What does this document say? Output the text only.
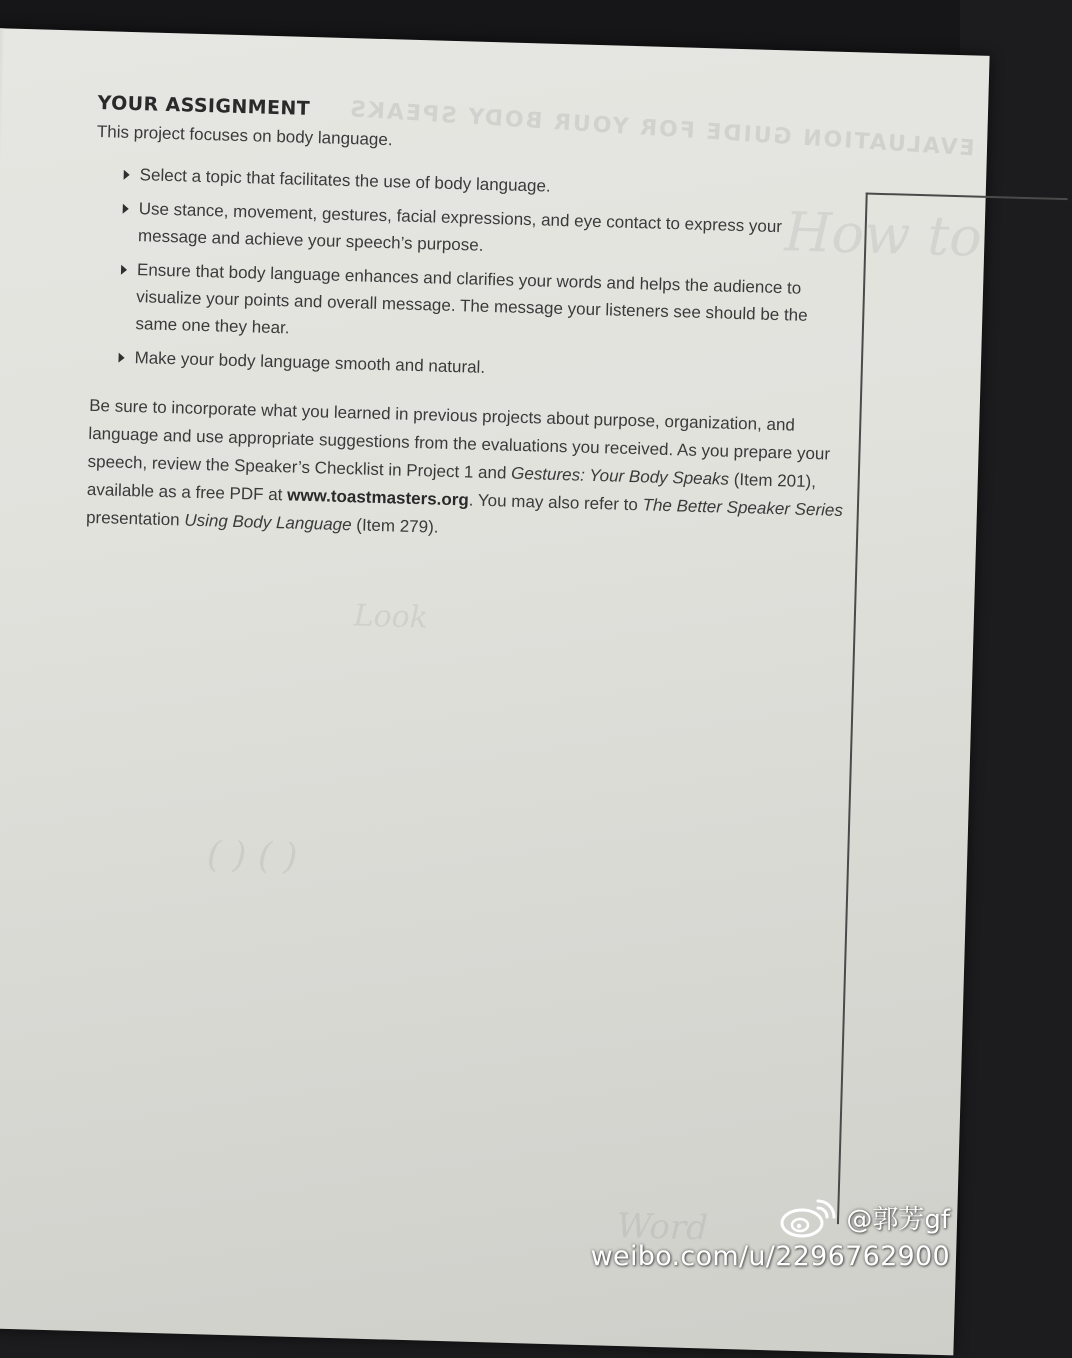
EVALUATION GUIDE FOR YOUR BODY SPEAKS
How to
Look
( ) ( )
Word
YOUR ASSIGNMENT
This project focuses on body language.
Select a topic that facilitates the use of body language.
Use stance, movement, gestures, facial expressions, and eye contact to express your message and achieve your speech’s purpose.
Ensure that body language enhances and clarifies your words and helps the audience to visualize your points and overall message. The message your listeners see should be the same one they hear.
Make your body language smooth and natural.

Be sure to incorporate what you learned in previous projects about purpose, organization, and language and use appropriate suggestions from the evaluations you received. As you prepare your speech, review the Speaker’s Checklist in Project 1 and Gestures: Your Body Speaks (Item 201), available as a free PDF at www.toastmasters.org. You may also refer to The Better Speaker Series presentation Using Body Language (Item 279).

@郭芳gf
weibo.com/u/2296762900
